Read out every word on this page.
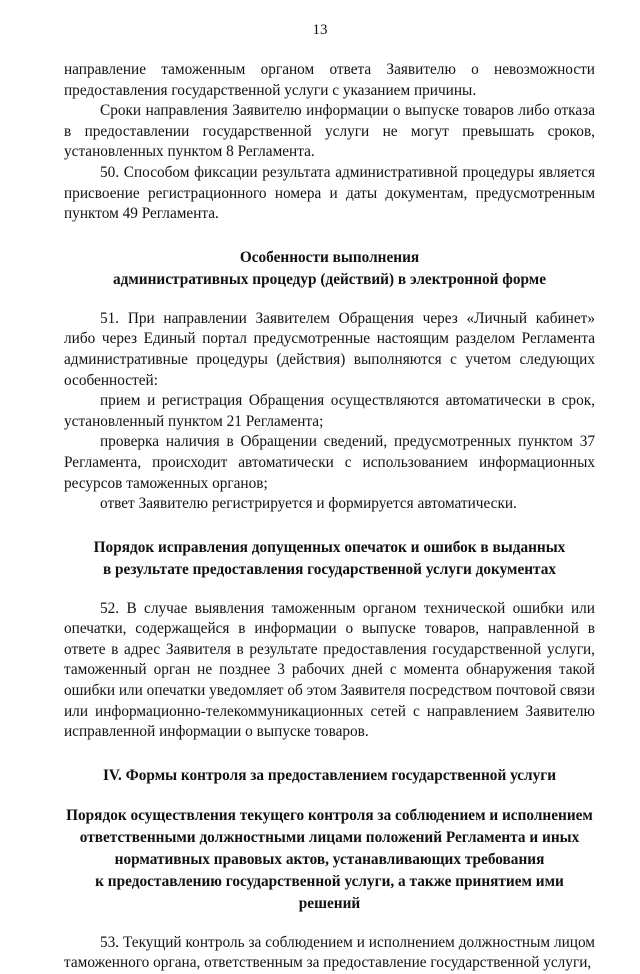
13

направление таможенным органом ответа Заявителю о невозможности предоставления государственной услуги с указанием причины.

Сроки направления Заявителю информации о выпуске товаров либо отказа в предоставлении государственной услуги не могут превышать сроков, установленных пунктом 8 Регламента.

50. Способом фиксации результата административной процедуры является присвоение регистрационного номера и даты документам, предусмотренным пунктом 49 Регламента.

Особенности выполнения

административных процедур (действий) в электронной форме

51. При направлении Заявителем Обращения через «Личный кабинет» либо через Единый портал предусмотренные настоящим разделом Регламента административные процедуры (действия) выполняются с учетом следующих особенностей:

прием и регистрация Обращения осуществляются автоматически в срок, установленный пунктом 21 Регламента;

проверка наличия в Обращении сведений, предусмотренных пунктом 37 Регламента, происходит автоматически с использованием информационных ресурсов таможенных органов;

ответ Заявителю регистрируется и формируется автоматически.

Порядок исправления допущенных опечаток и ошибок в выданных

в результате предоставления государственной услуги документах

52. В случае выявления таможенным органом технической ошибки или опечатки, содержащейся в информации о выпуске товаров, направленной в ответе в адрес Заявителя в результате предоставления государственной услуги, таможенный орган не позднее 3 рабочих дней с момента обнаружения такой ошибки или опечатки уведомляет об этом Заявителя посредством почтовой связи или информационно-телекоммуникационных сетей с направлением Заявителю исправленной информации о выпуске товаров.

IV. Формы контроля за предоставлением государственной услуги

Порядок осуществления текущего контроля за соблюдением и исполнением

ответственными должностными лицами положений Регламента и иных

нормативных правовых актов, устанавливающих требования

к предоставлению государственной услуги, а также принятием ими решений

53. Текущий контроль за соблюдением и исполнением должностным лицом таможенного органа, ответственным за предоставление государственной услуги,
